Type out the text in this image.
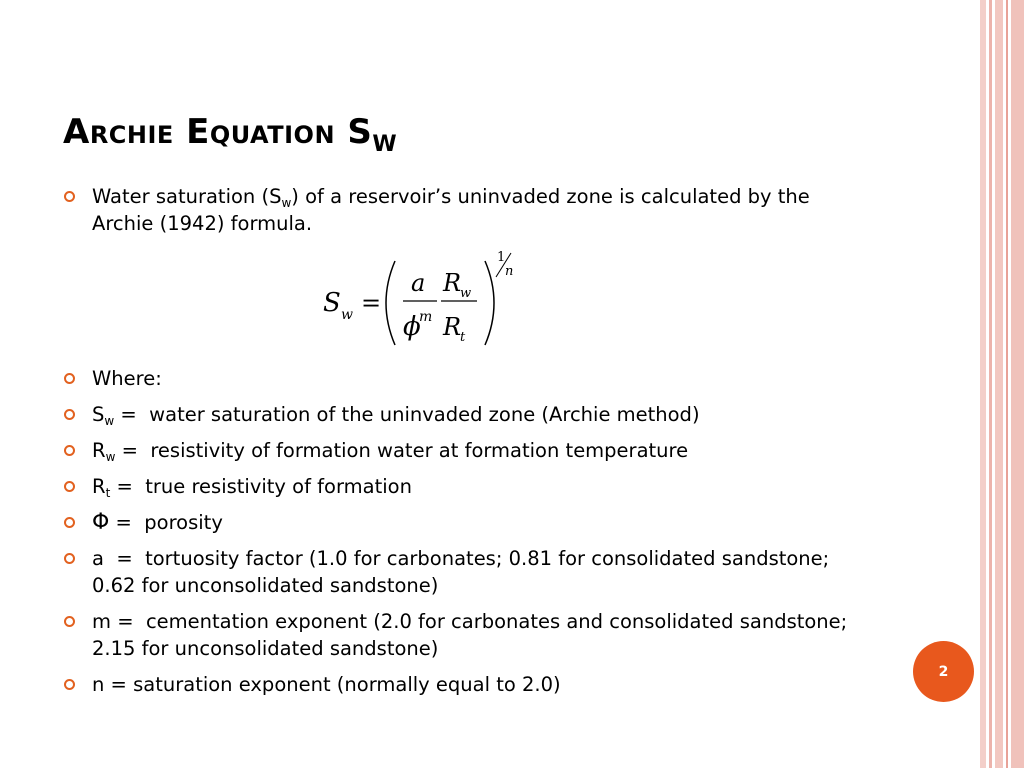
Archie Equation $S_W$
Water saturation $(S_w)$ of a reservoir’s uninvaded zone is calculated by the Archie (1942) formula.
S w =
a
ϕ
m
R
w
R
t
1
n
Where:
$S_w$ =  water saturation of the uninvaded zone (Archie method)
$R_w$ =  resistivity of formation water at formation temperature
$R_t$ =  true resistivity of formation
Φ =  porosity
a  =  tortuosity factor (1.0 for carbonates; 0.81 for consolidated sandstone; 0.62 for unconsolidated sandstone)
m =  cementation exponent (2.0 for carbonates and consolidated sandstone; 2.15 for unconsolidated sandstone)
n = saturation exponent (normally equal to 2.0)
2
